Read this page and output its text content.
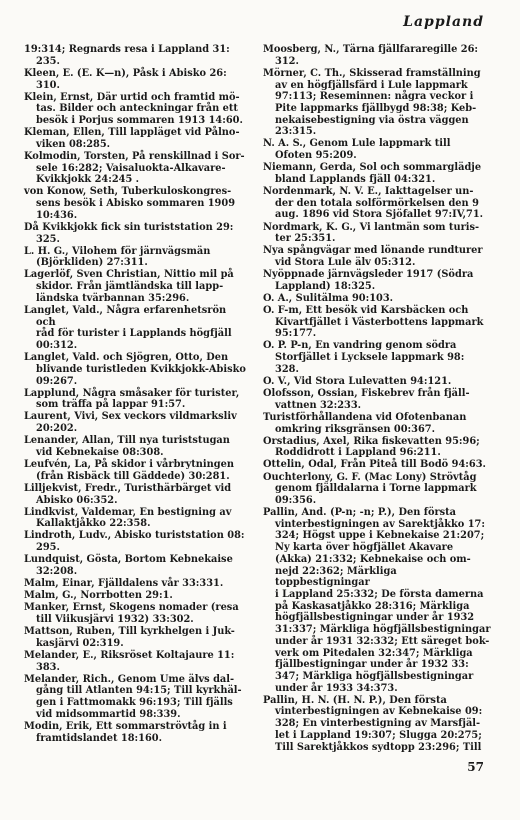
Lappland

19:314; Regnards resa i Lappland 31:
235.

Kleen, E. (E. K—n), Påsk i Abisko 26:
310.

Klein, Ernst, Där urtid och framtid mö-
tas. Bilder och anteckningar från ett
besök i Porjus sommaren 1913 14:60.

Kleman, Ellen, Till lappläget vid Pålno-
viken 08:285.

Kolmodin, Torsten, På renskillnad i Sor-
sele 16:282; Vaisaluokta-Alkavare-
Kvikkjokk 24:245 .

von Konow, Seth, Tuberkuloskongres-
sens besök i Abisko sommaren 1909
10:436.

Då Kvikkjokk fick sin turiststation 29:
325.

L. H. G., Vilohem för järnvägsmän
(Björkliden) 27:311.

Lagerlöf, Sven Christian, Nittio mil på
skidor. Från jämtländska till lapp-
ländska tvärbannan 35:296.

Langlet, Vald., Några erfarenhetsrön och
råd för turister i Lapplands högfjäll
00:312.

Langlet, Vald. och Sjögren, Otto, Den
blivande turistleden Kvikkjokk-Abisko
09:267.

Lapplund, Några småsaker för turister,
som träffa på lappar 91:57.

Laurent, Vivi, Sex veckors vildmarksliv
20:202.

Lenander, Allan, Till nya turiststugan
vid Kebnekaise 08:308.

Leufvén, La, På skidor i vårbrytningen
(från Risbäck till Gäddede) 30:281.

Lilljekvist, Fredr., Turisthärbärget vid
Abisko 06:352.

Lindkvist, Valdemar, En bestigning av
Kallaktjåkko 22:358.

Lindroth, Ludv., Abisko turiststation 08:
295.

Lundquist, Gösta, Bortom Kebnekaise
32:208.

Malm, Einar, Fjälldalens vår 33:331.

Malm, G., Norrbotten 29:1.

Manker, Ernst, Skogens nomader (resa
till Viikusjärvi 1932) 33:302.

Mattson, Ruben, Till kyrkhelgen i Juk-
kasjärvi 02:319.

Melander, E., Riksröset Koltajaure 11:
383.

Melander, Rich., Genom Ume älvs dal-
gång till Atlanten 94:15; Till kyrkhäl-
gen i Fattmomakk 96:193; Till fjälls
vid midsommartid 98:339.

Modin, Erik, Ett sommarströvtåg in i
framtidslandet 18:160.

Moosberg, N., Tärna fjällfararegille 26:
312.

Mörner, C. Th., Skisserad framställning
av en högfjällsfärd i Lule lappmark
97:113; Reseminnen: några veckor i
Pite lappmarks fjällbygd 98:38; Keb-
nekaisebestigning via östra väggen
23:315.

N. A. S., Genom Lule lappmark till
Ofoten 95:209.

Niemann, Gerda, Sol och sommarglädje
bland Lapplands fjäll 04:321.

Nordenmark, N. V. E., Iakttagelser un-
der den totala solförmörkelsen den 9
aug. 1896 vid Stora Sjöfallet 97:IV,71.

Nordmark, K. G., Vi lantmän som turis-
ter 25:351.

Nya spångvägar med lönande rundturer
vid Stora Lule älv 05:312.

Nyöppnade järnvägsleder 1917 (Södra
Lappland) 18:325.

O. A., Sulitälma 90:103.

O. F-m, Ett besök vid Karsbäcken och
Kivartfjället i Västerbottens lappmark
95:177.

O. P. P-n, En vandring genom södra
Storfjället i Lycksele lappmark 98:
328.

O. V., Vid Stora Lulevatten 94:121.

Olofsson, Ossian, Fiskebrev från fjäll-
vattnen 32:233.

Turistförhållandena vid Ofotenbanan
omkring riksgränsen 00:367.

Orstadius, Axel, Rika fiskevatten 95:96;
Roddidrott i Lappland 96:211.

Ottelin, Odal, Från Piteå till Bodö 94:63.

Ouchterlony, G. F. (Mac Lony) Strövtåg
genom fjälldalarna i Torne lappmark
09:356.

Pallin, And. (P-n; -n; P.), Den första
vinterbestigningen av Sarektjåkko 17:
324; Högst uppe i Kebnekaise 21:207;
Ny karta över högfjället Akavare
(Akka) 21:332; Kebnekaise och om-
nejd 22:362; Märkliga toppbestigningar
i Lappland 25:332; De första damerna
på Kaskasatjåkko 28:316; Märkliga
högfjällsbestigningar under år 1932
31:337; Märkliga högfjällsbestigningar
under år 1931 32:332; Ett säreget bok-
verk om Pitedalen 32:347; Märkliga
fjällbestigningar under år 1932 33:
347; Märkliga högfjällsbestigningar
under år 1933 34:373.

Pallin, H. N. (H. N. P.), Den första
vinterbestigningen av Kebnekaise 09:
328; En vinterbestigning av Marsfjäl-
let i Lappland 19:307; Slugga 20:275;
Till Sarektjåkkos sydtopp 23:296; Till

57
